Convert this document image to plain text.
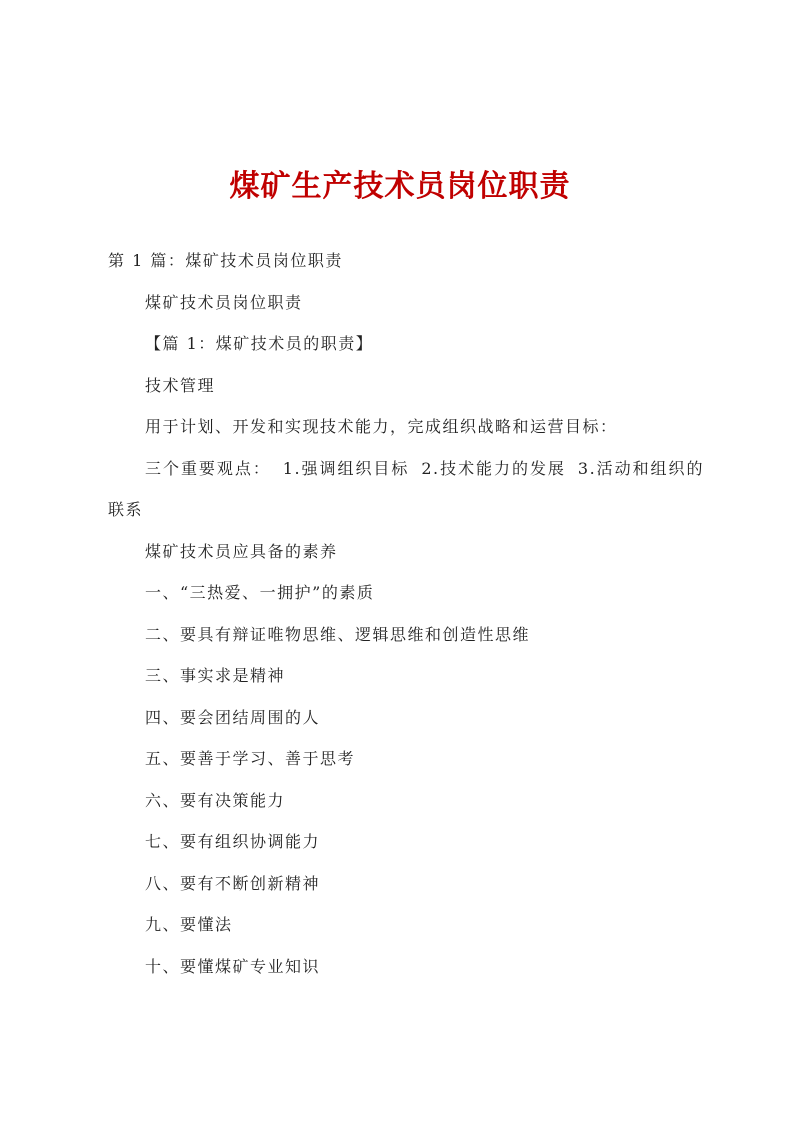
煤矿生产技术员岗位职责

第 1 篇：煤矿技术员岗位职责

煤矿技术员岗位职责

【篇 1：煤矿技术员的职责】

技术管理

用于计划、开发和实现技术能力，完成组织战略和运营目标：

三个重要观点： 1.强调组织目标 2.技术能力的发展 3.活动和组织的联系

煤矿技术员应具备的素养

一、“三热爱、一拥护”的素质

二、要具有辩证唯物思维、逻辑思维和创造性思维

三、事实求是精神

四、要会团结周围的人

五、要善于学习、善于思考

六、要有决策能力

七、要有组织协调能力

八、要有不断创新精神

九、要懂法

十、要懂煤矿专业知识
